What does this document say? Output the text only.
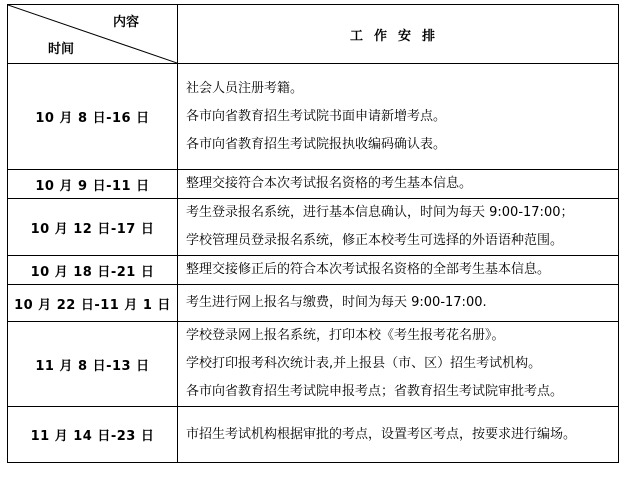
内容
时间	工作安排
10 月 8 日-16 日	社会人员注册考籍。
各市向省教育招生考试院书面申请新增考点。
各市向省教育招生考试院报执收编码确认表。

10 月 9 日-11 日	整理交接符合本次考试报名资格的考生基本信息。

10 月 12 日-17 日	考生登录报名系统，进行基本信息确认，时间为每天 9:00-17:00；
学校管理员登录报名系统，修正本校考生可选择的外语语种范围。

10 月 18 日-21 日	整理交接修正后的符合本次考试报名资格的全部考生基本信息。

10 月 22 日-11 月 1 日	考生进行网上报名与缴费，时间为每天 9:00-17:00.

11 月 8 日-13 日	学校登录网上报名系统，打印本校《考生报考花名册》。
学校打印报考科次统计表,并上报县（市、区）招生考试机构。
各市向省教育招生考试院申报考点；省教育招生考试院审批考点。

11 月 14 日-23 日	市招生考试机构根据审批的考点，设置考区考点，按要求进行编场。
